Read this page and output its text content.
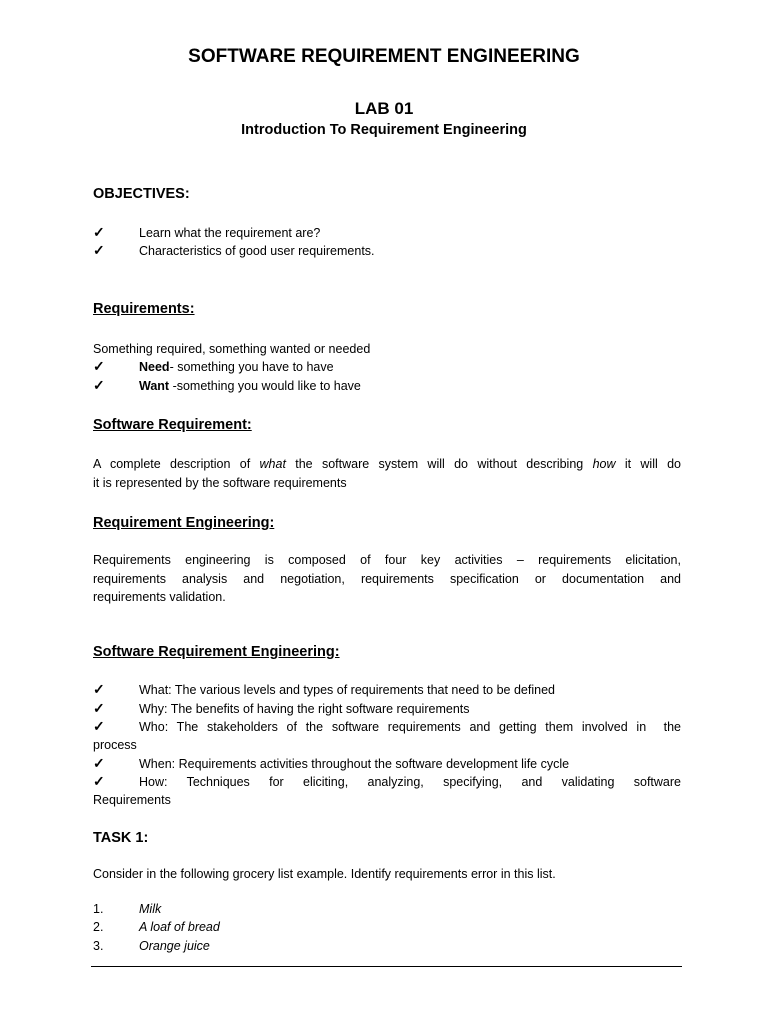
SOFTWARE REQUIREMENT ENGINEERING
LAB 01
Introduction To Requirement Engineering
OBJECTIVES:
✓	Learn what the requirement are?
✓	Characteristics of good user requirements.
Requirements:
Something required, something wanted or needed
✓	Need- something you have to have
✓	Want -something you would like to have
Software Requirement:
A complete description of what the software system will do without describing how it will do
it is represented by the software requirements
Requirement Engineering:
Requirements engineering is composed of four key activities – requirements elicitation,
requirements analysis and negotiation, requirements specification or documentation and
requirements validation.
Software Requirement Engineering:
✓	What: The various levels and types of requirements that need to be defined
✓	Why: The benefits of having the right software requirements
✓	Who: The stakeholders of the software requirements and getting them involved in  the
process
✓	When: Requirements activities throughout the software development life cycle
✓	How: Techniques for eliciting, analyzing, specifying, and validating software
Requirements
TASK 1:
Consider in the following grocery list example. Identify requirements error in this list.
1.	Milk
2.	A loaf of bread
3.	Orange juice
